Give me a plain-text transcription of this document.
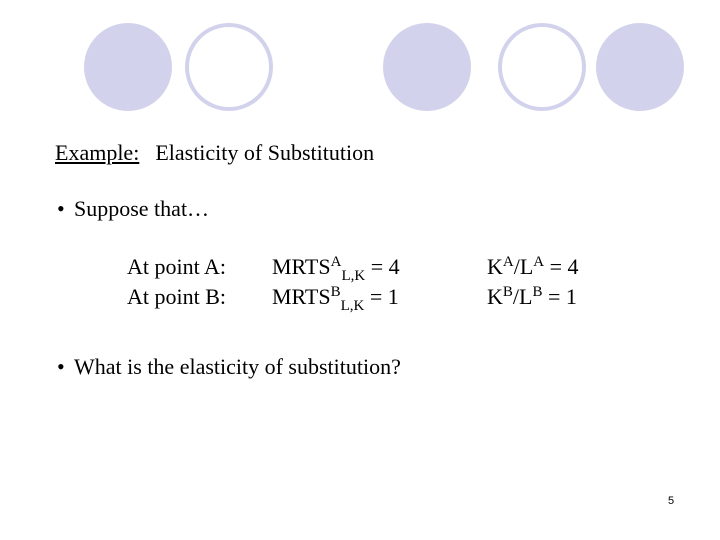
Example: Elasticity of Substitution
• Suppose that…
At point A: $MRTS^A_{L,K} = 4$	$K^A/L^A = 4$
At point B: $MRTS^B_{L,K} = 1$	$K^B/L^B = 1$
• What is the elasticity of substitution?
5
